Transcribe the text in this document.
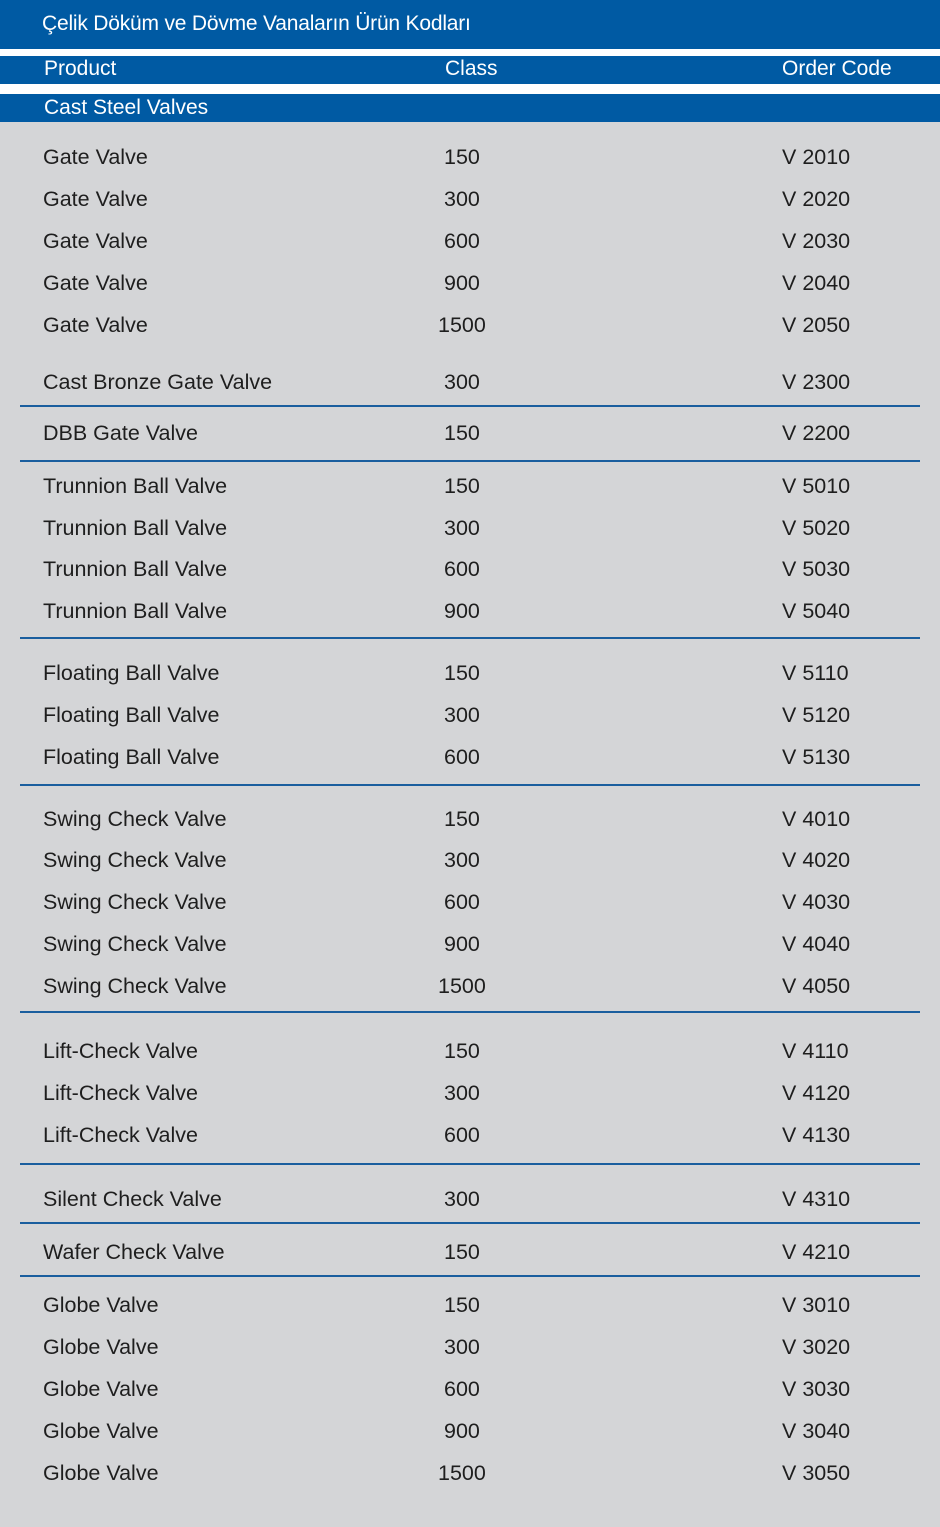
Çelik Döküm ve Dövme Vanaların Ürün Kodları
Product	Class	Order Code
Cast Steel Valves
Gate Valve	150	V 2010
Gate Valve	300	V 2020
Gate Valve	600	V 2030
Gate Valve	900	V 2040
Gate Valve	1500	V 2050
Cast Bronze Gate Valve	300	V 2300
DBB Gate Valve	150	V 2200
Trunnion Ball Valve	150	V 5010
Trunnion Ball Valve	300	V 5020
Trunnion Ball Valve	600	V 5030
Trunnion Ball Valve	900	V 5040
Floating Ball Valve	150	V 5110
Floating Ball Valve	300	V 5120
Floating Ball Valve	600	V 5130
Swing Check Valve	150	V 4010
Swing Check Valve	300	V 4020
Swing Check Valve	600	V 4030
Swing Check Valve	900	V 4040
Swing Check Valve	1500	V 4050
Lift-Check Valve	150	V 4110
Lift-Check Valve	300	V 4120
Lift-Check Valve	600	V 4130
Silent Check Valve	300	V 4310
Wafer Check Valve	150	V 4210
Globe Valve	150	V 3010
Globe Valve	300	V 3020
Globe Valve	600	V 3030
Globe Valve	900	V 3040
Globe Valve	1500	V 3050
